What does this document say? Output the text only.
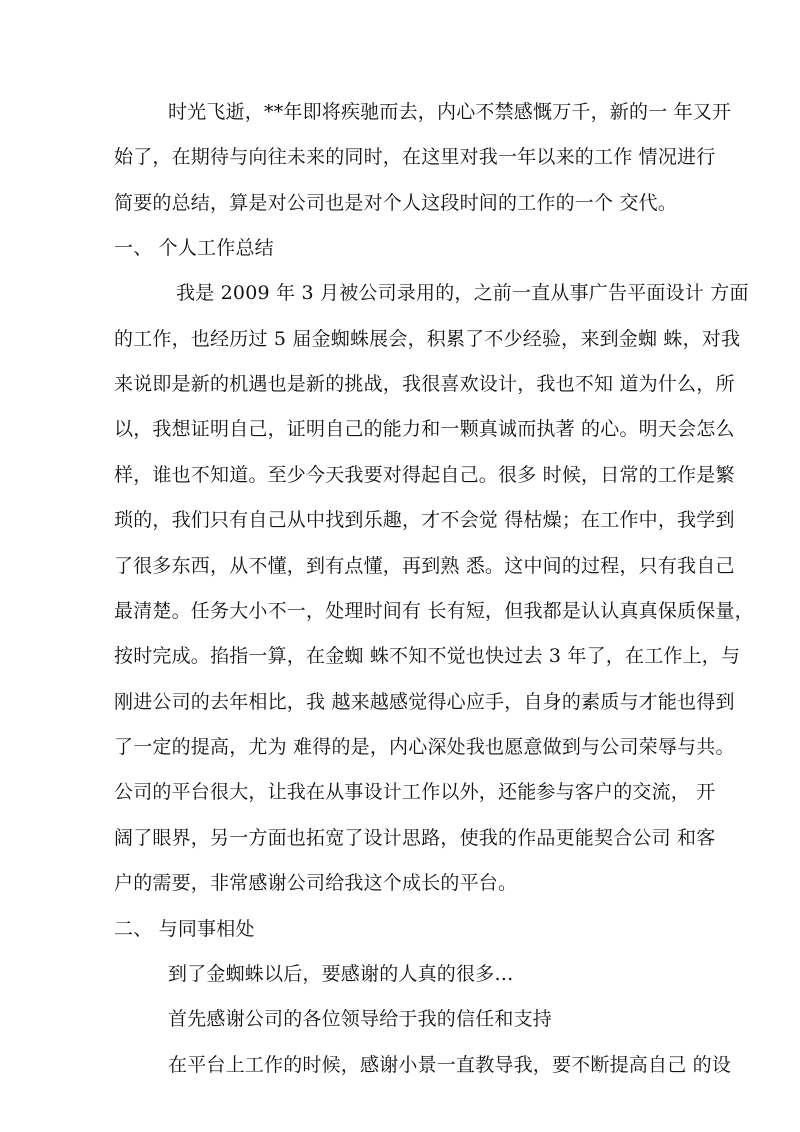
时光飞逝，**年即将疾驰而去，内心不禁感慨万千，新的一 年又开
始了，在期待与向往未来的同时，在这里对我一年以来的工作 情况进行
简要的总结，算是对公司也是对个人这段时间的工作的一个 交代。
一、 个人工作总结
我是 2009 年 3 月被公司录用的，之前一直从事广告平面设计 方面
的工作，也经历过 5 届金蜘蛛展会，积累了不少经验，来到金蜘 蛛，对我
来说即是新的机遇也是新的挑战，我很喜欢设计，我也不知 道为什么，所
以，我想证明自己，证明自己的能力和一颗真诚而执著 的心。明天会怎么
样，谁也不知道。至少今天我要对得起自己。很多 时候，日常的工作是繁
琐的，我们只有自己从中找到乐趣，才不会觉 得枯燥；在工作中，我学到
了很多东西，从不懂，到有点懂，再到熟 悉。这中间的过程，只有我自己
最清楚。任务大小不一，处理时间有 长有短，但我都是认认真真保质保量，
按时完成。掐指一算，在金蜘 蛛不知不觉也快过去 3 年了，在工作上，与
刚进公司的去年相比，我 越来越感觉得心应手，自身的素质与才能也得到
了一定的提高，尤为 难得的是，内心深处我也愿意做到与公司荣辱与共。
公司的平台很大，让我在从事设计工作以外，还能参与客户的交流， 开
阔了眼界，另一方面也拓宽了设计思路，使我的作品更能契合公司 和客
户的需要，非常感谢公司给我这个成长的平台。
二、 与同事相处
到了金蜘蛛以后，要感谢的人真的很多…
首先感谢公司的各位领导给于我的信任和支持
在平台上工作的时候，感谢小景一直教导我，要不断提高自己 的设
